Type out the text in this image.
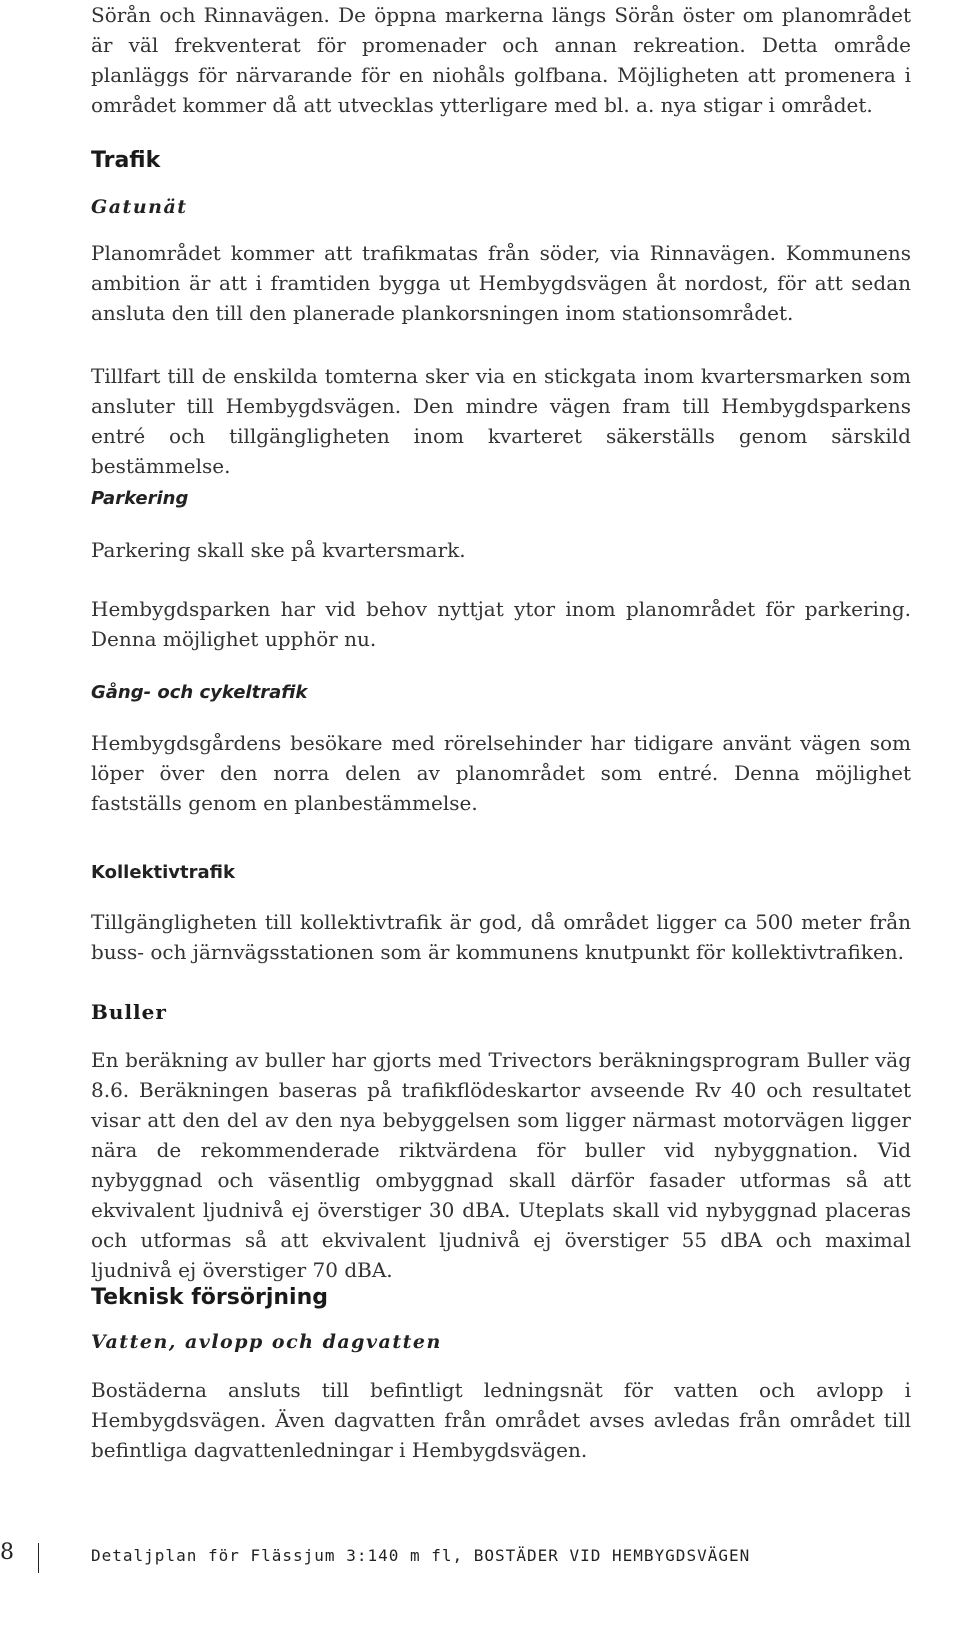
Sörån och Rinnavägen. De öppna markerna längs Sörån öster om planområdet är väl frekventerat för promenader och annan rekreation. Detta område planläggs för närvarande för en niohåls golfbana. Möjligheten att promenera i området kommer då att utvecklas ytterligare med bl. a. nya stigar i området.

Trafik
Gatunät

Planområdet kommer att trafikmatas från söder, via Rinnavägen. Kommunens ambition är att i framtiden bygga ut Hembygdsvägen åt nordost, för att sedan ansluta den till den planerade plankorsningen inom stationsområdet.

Tillfart till de enskilda tomterna sker via en stickgata inom kvartersmarken som ansluter till Hembygdsvägen. Den mindre vägen fram till Hembygdsparkens entré och tillgängligheten inom kvarteret säkerställs genom särskild bestämmelse.

Parkering

Parkering skall ske på kvartersmark.

Hembygdsparken har vid behov nyttjat ytor inom planområdet för parkering. Denna möjlighet upphör nu.

Gång- och cykeltrafik

Hembygdsgårdens besökare med rörelsehinder har tidigare använt vägen som löper över den norra delen av planområdet som entré. Denna möjlighet fastställs genom en planbestämmelse.

Kollektivtrafik

Tillgängligheten till kollektivtrafik är god, då området ligger ca 500 meter från buss- och järnvägsstationen som är kommunens knutpunkt för kollektivtrafiken.

Buller

En beräkning av buller har gjorts med Trivectors beräkningsprogram Buller väg 8.6. Beräkningen baseras på trafikflödeskartor avseende Rv 40 och resultatet visar att den del av den nya bebyggelsen som ligger närmast motorvägen ligger nära de rekommenderade riktvärdena för buller vid nybyggnation. Vid nybyggnad och väsentlig ombyggnad skall därför fasader utformas så att ekvivalent ljudnivå ej överstiger 30 dBA. Uteplats skall vid nybyggnad placeras och utformas så att ekvivalent ljudnivå ej överstiger 55 dBA och maximal ljudnivå ej överstiger 70 dBA.

Teknisk försörjning
Vatten, avlopp och dagvatten

Bostäderna ansluts till befintligt ledningsnät för vatten och avlopp i Hembygdsvägen. Även dagvatten från området avses avledas från området till befintliga dagvattenledningar i Hembygdsvägen.

8	Detaljplan för Flässjum 3:140 m fl, BOSTÄDER VID HEMBYGDSVÄGEN
